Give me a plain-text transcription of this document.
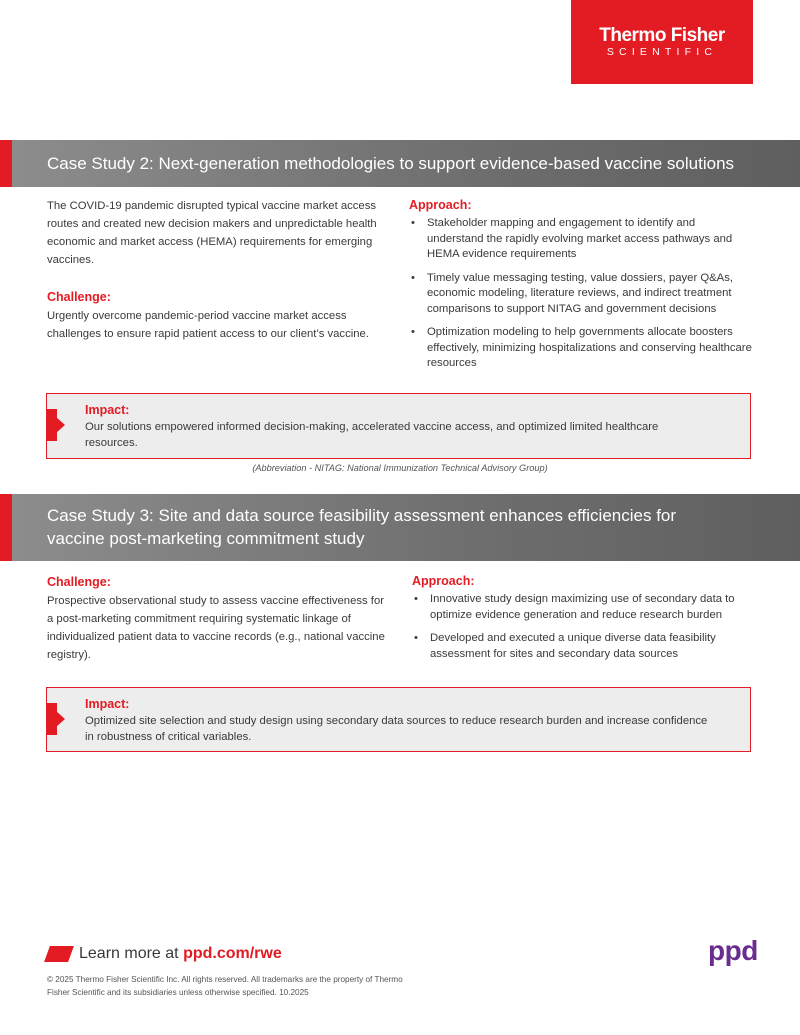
Thermo Fisher
SCIENTIFIC
Case Study 2: Next-generation methodologies to support evidence-based vaccine solutions

The COVID-19 pandemic disrupted typical vaccine market access routes and created new decision makers and unpredictable health economic and market access (HEMA) requirements for emerging vaccines.

Challenge:

Urgently overcome pandemic-period vaccine market access challenges to ensure rapid patient access to our client’s vaccine.

Approach:
• Stakeholder mapping and engagement to identify and understand the rapidly evolving market access pathways and HEMA evidence requirements
• Timely value messaging testing, value dossiers, payer Q&As, economic modeling, literature reviews, and indirect treatment comparisons to support NITAG and government decisions
• Optimization modeling to help governments allocate boosters effectively, minimizing hospitalizations and conserving healthcare resources
Impact:
Our solutions empowered informed decision-making, accelerated vaccine access, and optimized limited healthcare resources.
(Abbreviation - NITAG: National Immunization Technical Advisory Group)
Case Study 3: Site and data source feasibility assessment enhances efficiencies for
vaccine post-marketing commitment study
Challenge:

Prospective observational study to assess vaccine effectiveness for a post-marketing commitment requiring systematic linkage of individualized patient data to vaccine records (e.g., national vaccine registry).

Approach:
• Innovative study design maximizing use of secondary data to optimize evidence generation and reduce research burden
• Developed and executed a unique diverse data feasibility assessment for sites and secondary data sources
Impact:
Optimized site selection and study design using secondary data sources to reduce research burden and increase confidence in robustness of critical variables.
Learn more at ppd.com/rwe
© 2025 Thermo Fisher Scientific Inc. All rights reserved. All trademarks are the property of Thermo Fisher Scientific and its subsidiaries unless otherwise specified. 10.2025
ppd
